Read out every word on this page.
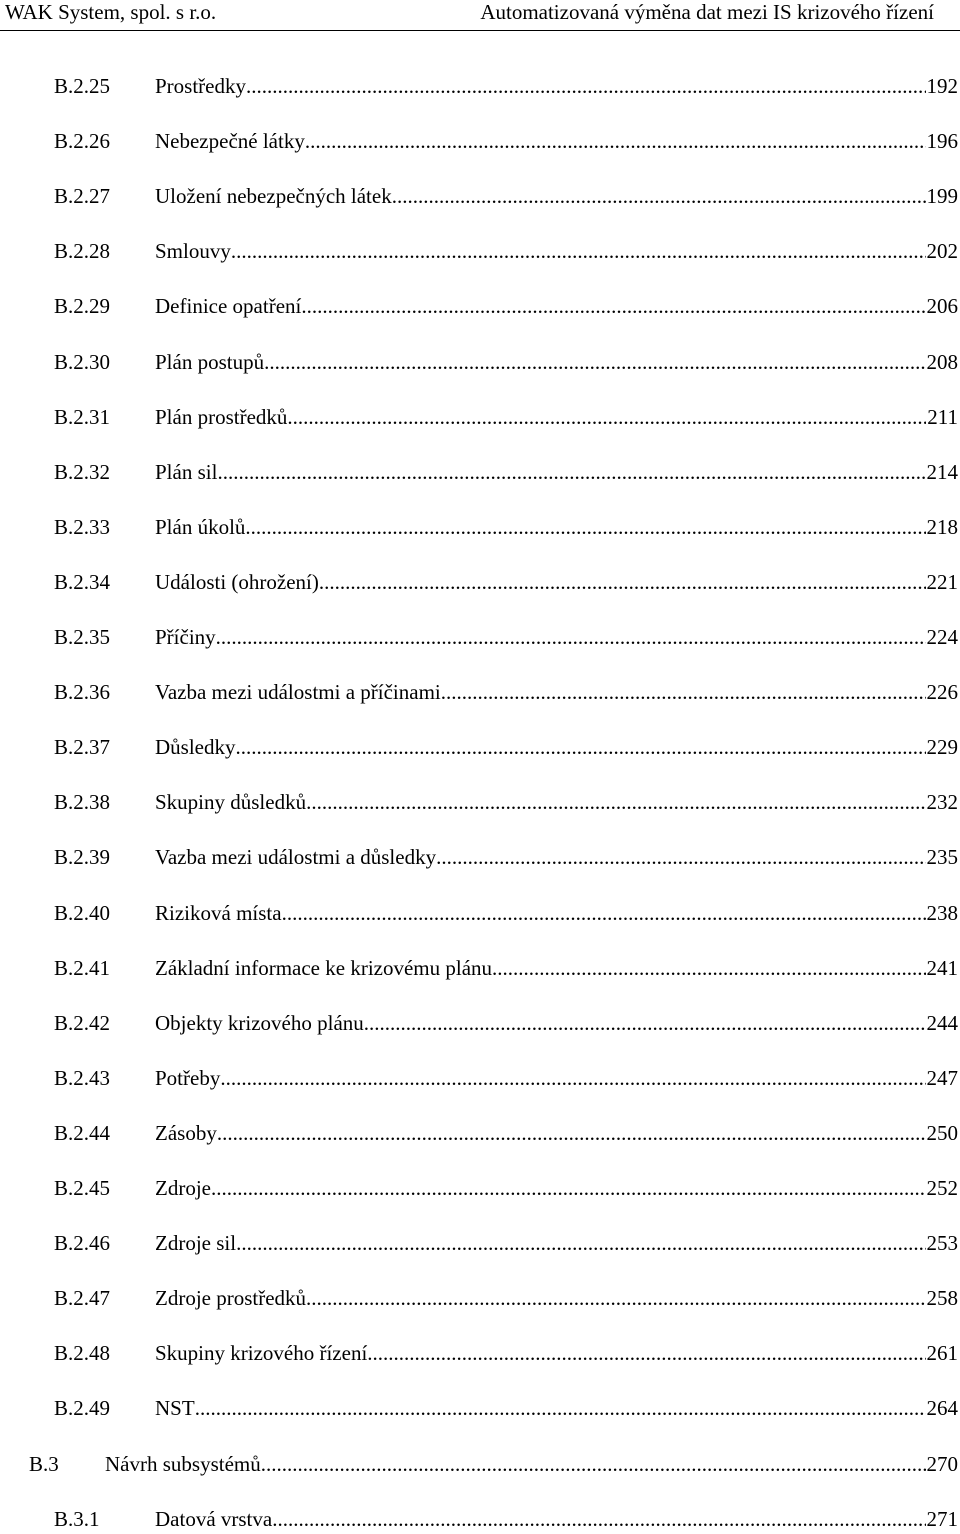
WAK System, spol. s r.o.	Automatizovaná výměna dat mezi IS krizového řízení
B.2.25 Prostředky .....	192
B.2.26 Nebezpečné látky .....	196
B.2.27 Uložení nebezpečných látek .....	199
B.2.28 Smlouvy .....	202
B.2.29 Definice opatření .....	206
B.2.30 Plán postupů .....	208
B.2.31 Plán prostředků .....	211
B.2.32 Plán sil .....	214
B.2.33 Plán úkolů .....	218
B.2.34 Události (ohrožení) .....	221
B.2.35 Příčiny .....	224
B.2.36 Vazba mezi událostmi a příčinami .....	226
B.2.37 Důsledky .....	229
B.2.38 Skupiny důsledků .....	232
B.2.39 Vazba mezi událostmi a důsledky .....	235
B.2.40 Riziková místa .....	238
B.2.41 Základní informace ke krizovému plánu .....	241
B.2.42 Objekty krizového plánu .....	244
B.2.43 Potřeby .....	247
B.2.44 Zásoby .....	250
B.2.45 Zdroje .....	252
B.2.46 Zdroje sil .....	253
B.2.47 Zdroje prostředků .....	258
B.2.48 Skupiny krizového řízení .....	261
B.2.49 NST .....	264
B.3 Návrh subsystémů .....	270
B.3.1	Datová vrstva .....	271
